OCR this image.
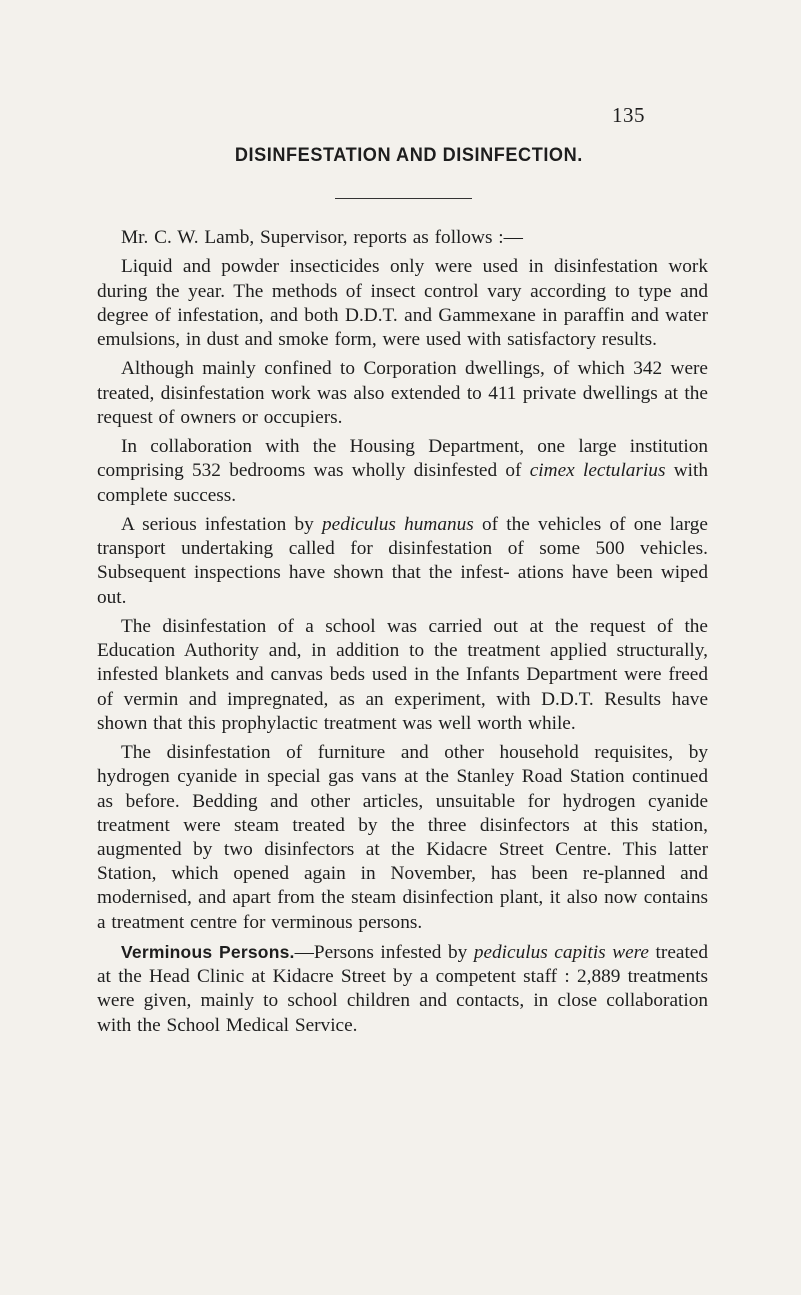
135
DISINFESTATION AND DISINFECTION.

Mr. C. W. Lamb, Supervisor, reports as follows :—

Liquid and powder insecticides only were used in disinfestation work during the year. The methods of insect control vary according to type and degree of infestation, and both D.D.T. and Gammexane in paraffin and water emulsions, in dust and smoke form, were used with satisfactory results.

Although mainly confined to Corporation dwellings, of which 342 were treated, disinfestation work was also extended to 411 private dwellings at the request of owners or occupiers.

In collaboration with the Housing Department, one large institution comprising 532 bedrooms was wholly disinfested of cimex lectularius with complete success.

A serious infestation by pediculus humanus of the vehicles of one large transport undertaking called for disinfestation of some 500 vehicles. Subsequent inspections have shown that the infest- ations have been wiped out.

The disinfestation of a school was carried out at the request of the Education Authority and, in addition to the treatment applied structurally, infested blankets and canvas beds used in the Infants Department were freed of vermin and impregnated, as an experiment, with D.D.T. Results have shown that this prophylactic treatment was well worth while.

The disinfestation of furniture and other household requisites, by hydrogen cyanide in special gas vans at the Stanley Road Station continued as before. Bedding and other articles, unsuitable for hydrogen cyanide treatment were steam treated by the three disinfectors at this station, augmented by two disinfectors at the Kidacre Street Centre. This latter Station, which opened again in November, has been re-planned and modernised, and apart from the steam disinfection plant, it also now contains a treatment centre for verminous persons.

Verminous Persons.—Persons infested by pediculus capitis were treated at the Head Clinic at Kidacre Street by a competent staff : 2,889 treatments were given, mainly to school children and contacts, in close collaboration with the School Medical Service.
